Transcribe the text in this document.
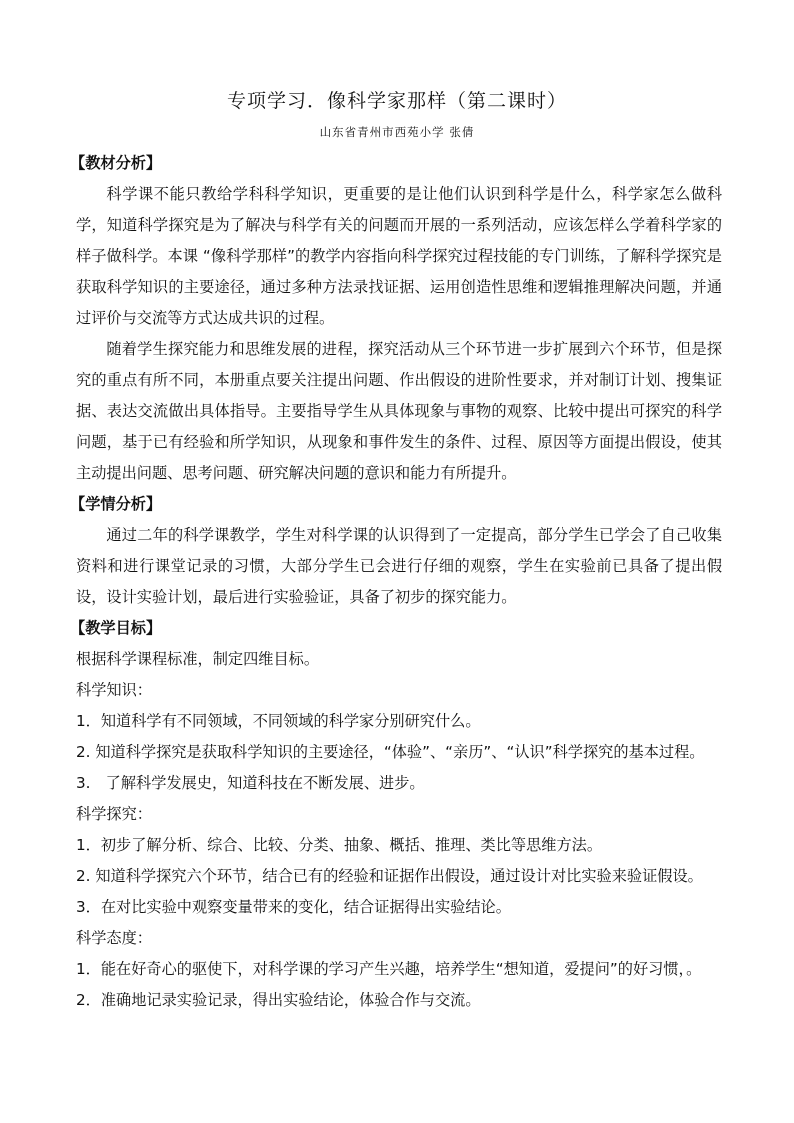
专项学习．像科学家那样（第二课时）
山东省青州市西苑小学 张倩
【教材分析】
科学课不能只教给学科科学知识，更重要的是让他们认识到科学是什么，科学家怎么做科学，知道科学探究是为了解决与科学有关的问题而开展的一系列活动，应该怎样么学着科学家的样子做科学。本课 “像科学那样”的教学内容指向科学探究过程技能的专门训练，了解科学探究是获取科学知识的主要途径，通过多种方法录找证据、运用创造性思维和逻辑推理解决问题，并通过评价与交流等方式达成共识的过程。
随着学生探究能力和思维发展的进程，探究活动从三个环节进一步扩展到六个环节，但是探究的重点有所不同，本册重点要关注提出问题、作出假设的进阶性要求，并对制订计划、搜集证据、表达交流做出具体指导。主要指导学生从具体现象与事物的观察、比较中提出可探究的科学问题，基于已有经验和所学知识，从现象和事件发生的条件、过程、原因等方面提出假设，使其主动提出问题、思考问题、研究解决问题的意识和能力有所提升。
【学情分析】
通过二年的科学课教学，学生对科学课的认识得到了一定提高，部分学生已学会了自己收集资料和进行课堂记录的习惯，大部分学生已会进行仔细的观察，学生在实验前已具备了提出假设，设计实验计划，最后进行实验验证，具备了初步的探究能力。
【教学目标】
根据科学课程标准，制定四维目标。
科学知识：
1．知道科学有不同领域，不同领域的科学家分别研究什么。
2. 知道科学探究是获取科学知识的主要途径，“体验”、“亲历”、“认识”科学探究的基本过程。
3.　了解科学发展史，知道科技在不断发展、进步。
科学探究：
1．初步了解分析、综合、比较、分类、抽象、概括、推理、类比等思维方法。
2. 知道科学探究六个环节，结合已有的经验和证据作出假设，通过设计对比实验来验证假设。
3．在对比实验中观察变量带来的变化，结合证据得出实验结论。
科学态度：
1．能在好奇心的驱使下，对科学课的学习产生兴趣，培养学生“想知道，爱提问”的好习惯，。
2．准确地记录实验记录，得出实验结论，体验合作与交流。
